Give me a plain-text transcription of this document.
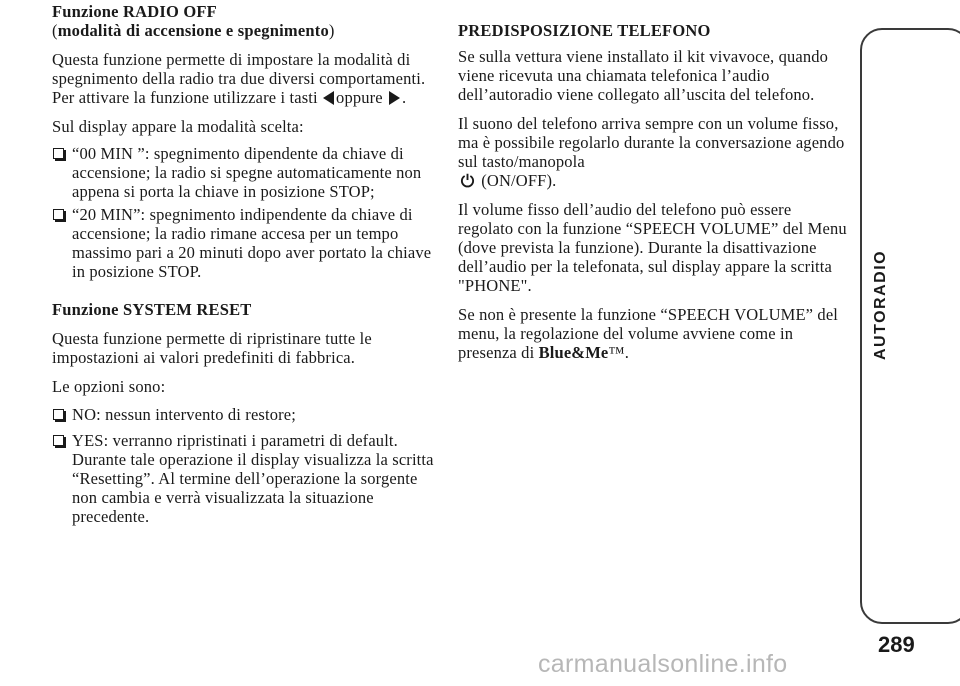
Funzione RADIO OFF

(modalità di accensione e spegnimento)

Questa funzione permette di impostare la modalità di spegnimento della radio tra due diversi comportamenti. Per attivare la funzione utilizzare i tasti oppure .

Sul display appare la modalità scelta:

“00 MIN ”: spegnimento dipendente da chiave di accensione; la radio si spegne automaticamente non appena si porta la chiave in posizione STOP;
“20 MIN”: spegnimento indipendente da chiave di accensione; la radio rimane accesa per un tempo massimo pari a 20 minuti dopo aver portato la chiave in posizione STOP.

Funzione SYSTEM RESET

Questa funzione permette di ripristinare tutte le impostazioni ai valori predefiniti di fabbrica.

Le opzioni sono:

NO: nessun intervento di restore;
YES: verranno ripristinati i parametri di default. Durante tale operazione il display visualizza la scritta “Resetting”. Al termine dell’operazione la sorgente non cambia e verrà visualizzata la situazione precedente.

PREDISPOSIZIONE TELEFONO

Se sulla vettura viene installato il kit vivavoce, quando viene ricevuta una chiamata telefonica l’audio dell’autoradio viene collegato all’uscita del telefono.

Il suono del telefono arriva sempre con un volume fisso, ma è possibile regolarlo durante la conversazione agendo sul tasto/manopola
(ON/OFF).

Il volume fisso dell’audio del telefono può essere regolato con la funzione “SPEECH VOLUME” del Menu (dove prevista la funzione). Durante la disattivazione dell’audio per la telefonata, sul display appare la scritta "PHONE".

Se non è presente la funzione “SPEECH VOLUME” del menu, la regolazione del volume avviene come in presenza di Blue&Me™.	AUTORADIO
289
carmanualsonline.info
